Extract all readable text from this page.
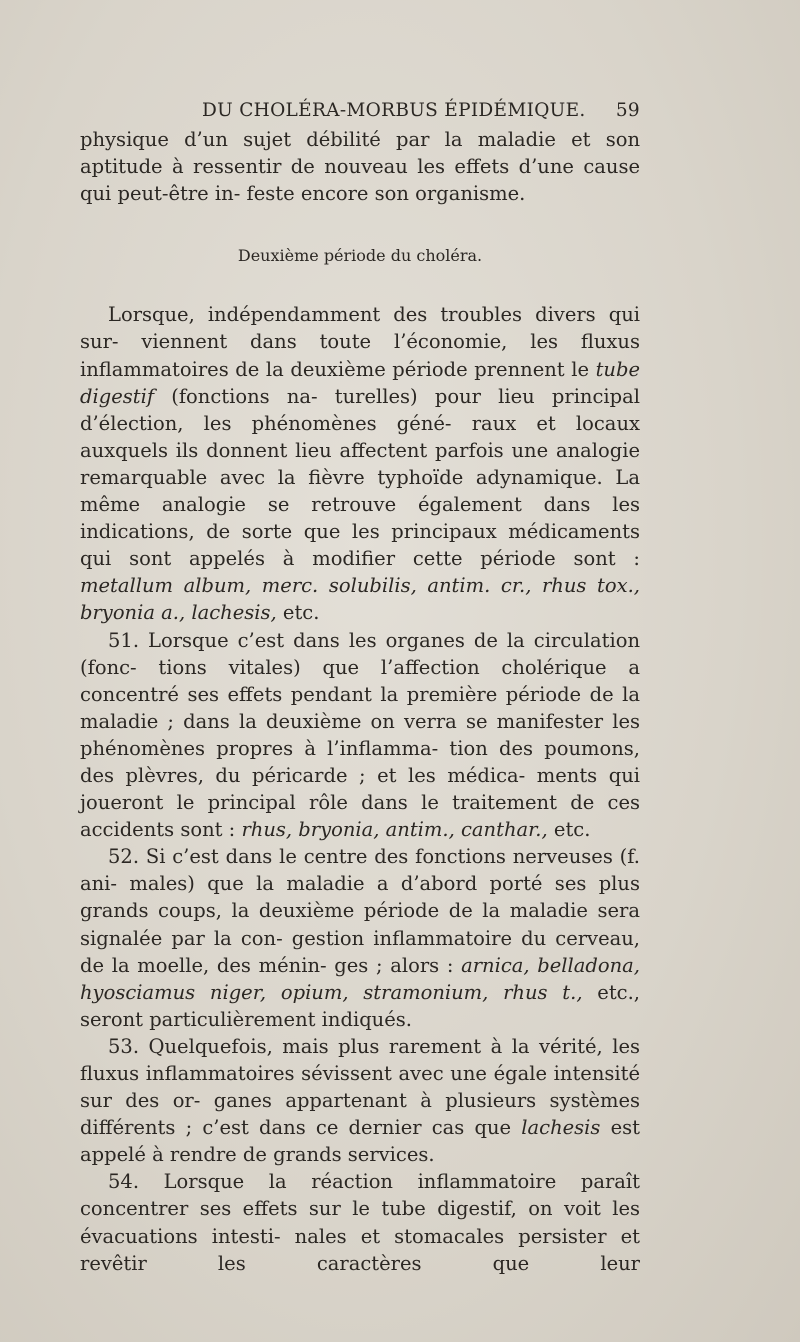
DU CHOLÉRA-MORBUS ÉPIDÉMIQUE. 59

physique d’un sujet débilité par la maladie et son aptitude à ressentir de nouveau les effets d’une cause qui peut-être in- feste encore son organisme.

Deuxième période du choléra.

Lorsque, indépendamment des troubles divers qui sur- viennent dans toute l’économie, les fluxus inflammatoires de la deuxième période prennent le tube digestif (fonctions na- turelles) pour lieu principal d’élection, les phénomènes géné- raux et locaux auxquels ils donnent lieu affectent parfois une analogie remarquable avec la fièvre typhoïde adynamique. La même analogie se retrouve également dans les indications, de sorte que les principaux médicaments qui sont appelés à modifier cette période sont : metallum album, merc. solubilis, antim. cr., rhus tox., bryonia a., lachesis, etc.

51. Lorsque c’est dans les organes de la circulation (fonc- tions vitales) que l’affection cholérique a concentré ses effets pendant la première période de la maladie ; dans la deuxième on verra se manifester les phénomènes propres à l’inflamma- tion des poumons, des plèvres, du péricarde ; et les médica- ments qui joueront le principal rôle dans le traitement de ces accidents sont : rhus, bryonia, antim., canthar., etc.

52. Si c’est dans le centre des fonctions nerveuses (f. ani- males) que la maladie a d’abord porté ses plus grands coups, la deuxième période de la maladie sera signalée par la con- gestion inflammatoire du cerveau, de la moelle, des ménin- ges ; alors : arnica, belladona, hyosciamus niger, opium, stramonium, rhus t., etc., seront particulièrement indiqués.

53. Quelquefois, mais plus rarement à la vérité, les fluxus inflammatoires sévissent avec une égale intensité sur des or- ganes appartenant à plusieurs systèmes différents ; c’est dans ce dernier cas que lachesis est appelé à rendre de grands services.

54. Lorsque la réaction inflammatoire paraît concentrer ses effets sur le tube digestif, on voit les évacuations intesti- nales et stomacales persister et revêtir les caractères que leur
